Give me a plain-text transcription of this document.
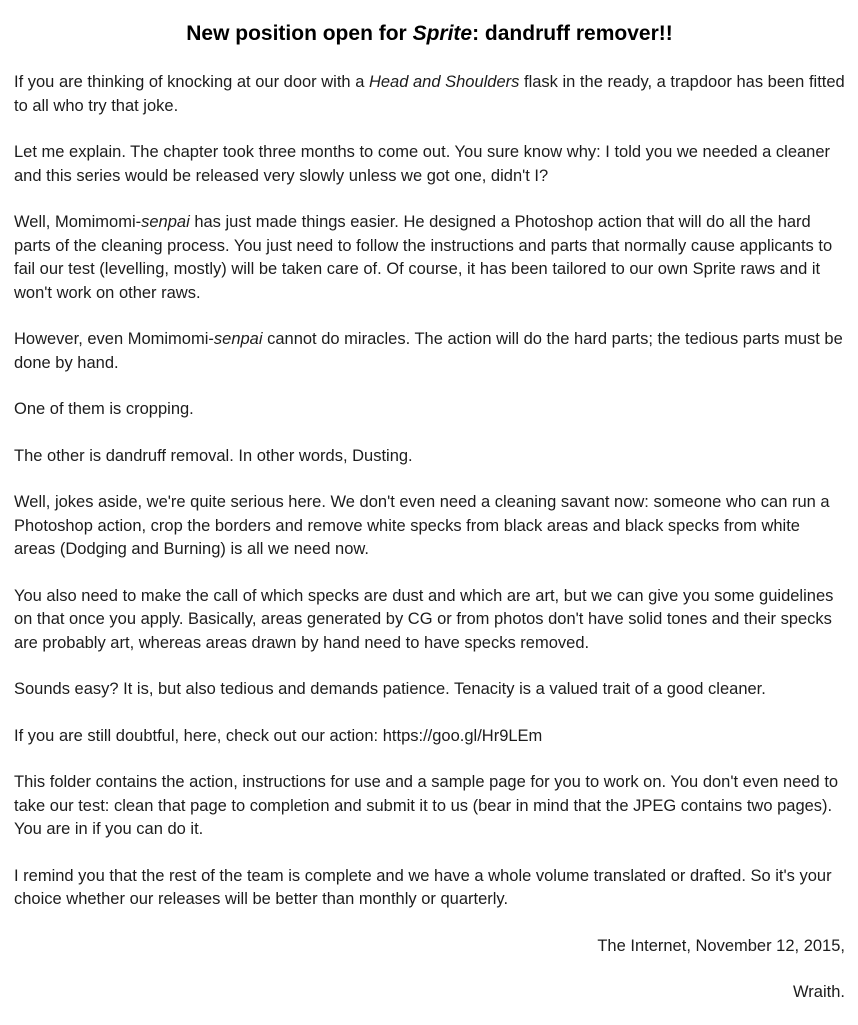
New position open for Sprite: dandruff remover!!

If you are thinking of knocking at our door with a Head and Shoulders flask in the ready, a trapdoor has been fitted to all who try that joke.

Let me explain. The chapter took three months to come out. You sure know why: I told you we needed a cleaner and this series would be released very slowly unless we got one, didn't I?

Well, Momimomi-senpai has just made things easier. He designed a Photoshop action that will do all the hard parts of the cleaning process. You just need to follow the instructions and parts that normally cause applicants to fail our test (levelling, mostly) will be taken care of. Of course, it has been tailored to our own Sprite raws and it won't work on other raws.

However, even Momimomi-senpai cannot do miracles. The action will do the hard parts; the tedious parts must be done by hand.

One of them is cropping.

The other is dandruff removal. In other words, Dusting.

Well, jokes aside, we're quite serious here. We don't even need a cleaning savant now: someone who can run a Photoshop action, crop the borders and remove white specks from black areas and black specks from white areas (Dodging and Burning) is all we need now.

You also need to make the call of which specks are dust and which are art, but we can give you some guidelines on that once you apply. Basically, areas generated by CG or from photos don't have solid tones and their specks are probably art, whereas areas drawn by hand need to have specks removed.

Sounds easy? It is, but also tedious and demands patience. Tenacity is a valued trait of a good cleaner.

If you are still doubtful, here, check out our action: https://goo.gl/Hr9LEm

This folder contains the action, instructions for use and a sample page for you to work on. You don't even need to take our test: clean that page to completion and submit it to us (bear in mind that the JPEG contains two pages). You are in if you can do it.

I remind you that the rest of the team is complete and we have a whole volume translated or drafted. So it's your choice whether our releases will be better than monthly or quarterly.

The Internet, November 12, 2015,

Wraith.
